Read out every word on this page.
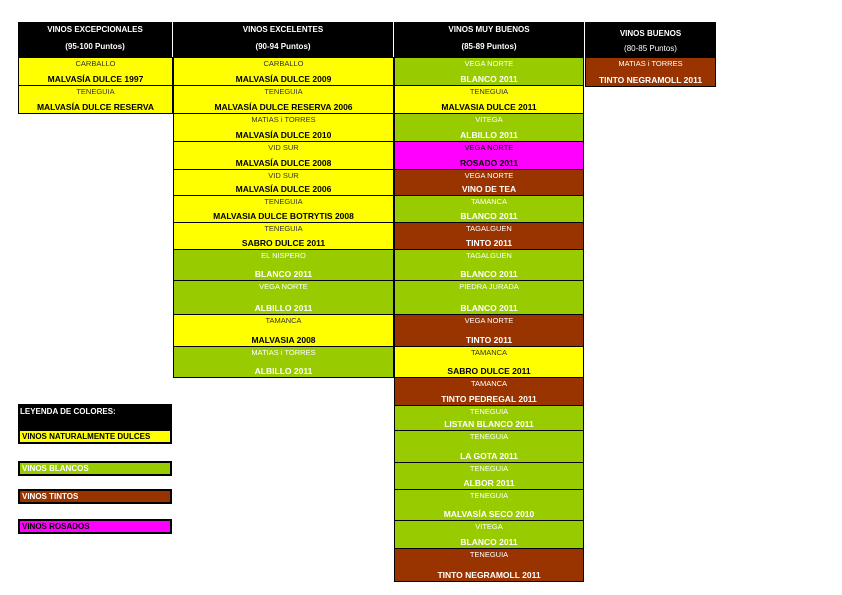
VINOS EXCEPCIONALES
(95-100 Puntos)
VINOS EXCELENTES
(90-94 Puntos)
VINOS MUY BUENOS
(85-89 Puntos)
VINOS BUENOS
(80-85 Puntos)
CARBALLO
MALVASÍA DULCE 1997
TENEGUIA
MALVASÍA DULCE RESERVA
CARBALLO
MALVASÍA DULCE 2009
TENEGUIA
MALVASÍA DULCE RESERVA 2006
MATIAS i TORRES
MALVASÍA DULCE 2010
VID SUR
MALVASÍA DULCE 2008
VID SUR
MALVASÍA DULCE 2006
TENEGUIA
MALVASIA DULCE BOTRYTIS 2008
TENEGUIA
SABRO DULCE 2011
EL NISPERO
BLANCO 2011
VEGA NORTE
ALBILLO 2011
TAMANCA
MALVASIA 2008
MATIAS i TORRES
ALBILLO 2011
VEGA NORTE
BLANCO 2011
TENEGUIA
MALVASIA DULCE 2011
VITEGA
ALBILLO 2011
VEGA NORTE
ROSADO 2011
VEGA NORTE
VINO DE TEA
TAMANCA
BLANCO 2011
TAGALGUEN
TINTO 2011
TAGALGUEN
BLANCO 2011
PIEDRA JURADA
BLANCO 2011
VEGA NORTE
TINTO 2011
TAMANCA
SABRO DULCE 2011
TAMANCA
TINTO PEDREGAL 2011
TENEGUIA
LISTAN BLANCO 2011
TENEGUIA
LA GOTA 2011
TENEGUIA
ALBOR 2011
TENEGUIA
MALVASÍA SECO 2010
VITEGA
BLANCO 2011
TENEGUIA
TINTO NEGRAMOLL 2011
MATIAS i TORRES
TINTO NEGRAMOLL 2011
LEYENDA DE COLORES:
VINOS NATURALMENTE DULCES
VINOS BLANCOS
VINOS TINTOS
VINOS ROSADOS
